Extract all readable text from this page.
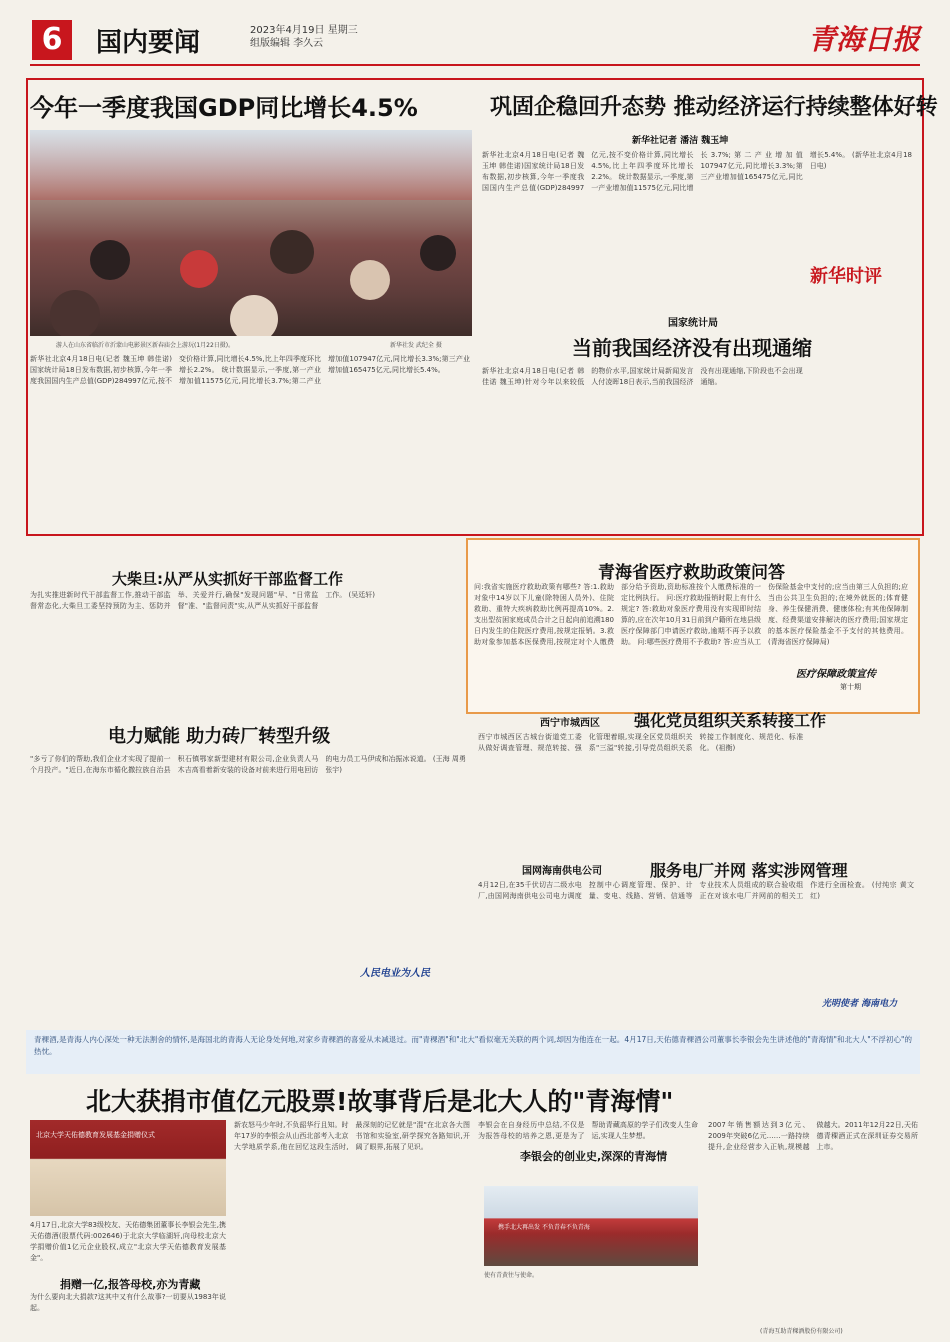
6	国内要闻	2023年4月19日 星期三
组版编辑 李久云	青海日报
今年一季度我国GDP同比增长4.5%	巩固企稳回升态势 推动经济运行持续整体好转
游人在山东省临沂市沂蒙山电影景区新春庙会上游玩(1月22日摄)。	新华社发 武纪全 摄
新华社记者 潘洁 魏玉坤
新华社北京4月18日电(记者 魏玉坤 韩佳诺)国家统计局18日发布数据,初步核算,今年一季度我国国内生产总值(GDP)284997亿元,按不变价格计算,同比增长4.5%,比上年四季度环比增长2.2%。 统计数据显示,一季度,第一产业增加值11575亿元,同比增长3.7%;第二产业增加值107947亿元,同比增长3.3%;第三产业增加值165475亿元,同比增长5.4%。 (新华社北京4月18日电)
新华时评
新华社北京4月18日电(记者 魏玉坤 韩佳诺)国家统计局18日发布数据,初步核算,今年一季度我国国内生产总值(GDP)284997亿元,按不变价格计算,同比增长4.5%,比上年四季度环比增长2.2%。 统计数据显示,一季度,第一产业增加值11575亿元,同比增长3.7%;第二产业增加值107947亿元,同比增长3.3%;第三产业增加值165475亿元,同比增长5.4%。
国家统计局
当前我国经济没有出现通缩
新华社北京4月18日电(记者 韩佳诺 魏玉坤)针对今年以来较低的物价水平,国家统计局新闻发言人付凌晖18日表示,当前我国经济没有出现通缩,下阶段也不会出现通缩。
大柴旦:从严从实抓好干部监督工作
为扎实推进新时代干部监督工作,推动干部监督常态化,大柴旦工委坚持预防为主、惩防并举、关爱并行,确保"发现问题"早、"日常监督"准、"监督问责"实,从严从实抓好干部监督工作。 (吴廷轩)
青海省医疗救助政策问答
问:我省实施医疗救助政策有哪些? 答:1.救助对象中14岁以下儿童(除特困人员外)、住院救助、重特大疾病救助比例再提高10%。2.支出型贫困家庭成员合计之日起向前追溯180日内发生的住院医疗费用,按规定报销。3.救助对象参加基本医保费用,按规定对个人缴费部分给予资助,资助标准按个人缴费标准的一定比例执行。 问:医疗救助报销时限上有什么规定? 答:救助对象医疗费用没有实现即时结算的,应在次年10月31日前到户籍所在地县级医疗保障部门申请医疗救助,逾期不再予以救助。 问:哪些医疗费用不予救助? 答:应当从工伤保险基金中支付的;应当由第三人负担的;应当由公共卫生负担的;在境外就医的;体育健身、养生保健消费、健康体检;有其他保障制度、经费渠道安排解决的医疗费用;国家规定的基本医疗保险基金不予支付的其他费用。 (青海省医疗保障局)
医疗保障政策宣传
第十期
电力赋能 助力砖厂转型升级
"多亏了你们的帮助,我们企业才实现了提前一个月投产。"近日,在海东市循化撒拉族自治县积石镇鄂家新型建材有限公司,企业负责人马木吉高看着新安装的设备对前来进行用电回访的电力员工马伊成和冶振冰说道。 (王海 周勇 张宇)
人民电业为人民
西宁市城西区 强化党员组织关系转接工作
西宁市城西区古城台街道党工委从做好调查管理、规范转接、强化管理着眼,实现全区党员组织关系"三溢"转接,引导党员组织关系转接工作制度化、规范化、标准化。 (祖衡)
国网海南供电公司	服务电厂并网 落实涉网管理
4月12日,在35千伏切吉二级水电厂,由国网海南供电公司电力调度控制中心调度管理、保护、计量、变电、线路、营销、信通等专业技术人员组成的联合验收组正在对该水电厂并网前的相关工作进行全面检查。 (付纯宗 黄文红)
光明使者 海南电力
青稞酒,是青海人内心深处一种无法割舍的情怀,是海国北的青海人无论身处何地,对家乡青稞酒的喜爱从未减退过。而"青稞酒"和"北大"看似毫无关联的两个词,却因为他连在一起。4月17日,天佑德青稞酒公司董事长李银会先生讲述他的"青海情"和北大人"不浮初心"的热忱。
北大获捐市值亿元股票!故事背后是北大人的"青海情"
北京大学天佑德教育发展基金捐赠仪式
4月17日,北京大学83级校友、天佑德集团董事长李银会先生,携天佑德酒(股票代码:002646)于北京大学临湖轩,向母校北京大学捐赠价值1亿元企业股权,成立"北京大学天佑德教育发展基金"。
捐赠一亿,报答母校,亦为青藏
为什么要向北大捐款?这其中又有什么故事?一切要从1983年说起。
新农怒马少年时,不负韶华行且知。时年17岁的李银会从山西北部考入北京大学地质学系,他在回忆这段生活时,最深刻的记忆就是"混"在北京各大图书馆和实验室,研学探究各路知识,开阔了眼界,拓展了见识。
李银会在自身经历中总结,不仅是为报答母校的培养之恩,更是为了帮助青藏高原的学子们改变人生命运,实现人生梦想。
李银会的创业史,深深的青海情
携手北大再出发 不负青春不负青海
使有青黄往与使命。
2007年销售额达到3亿元、2009年突破6亿元……一路持续提升,企业经营步入正轨,规模越做越大。2011年12月22日,天佑德青稞酒正式在深圳证券交易所上市。
(青海互助青稞酒股份有限公司)
